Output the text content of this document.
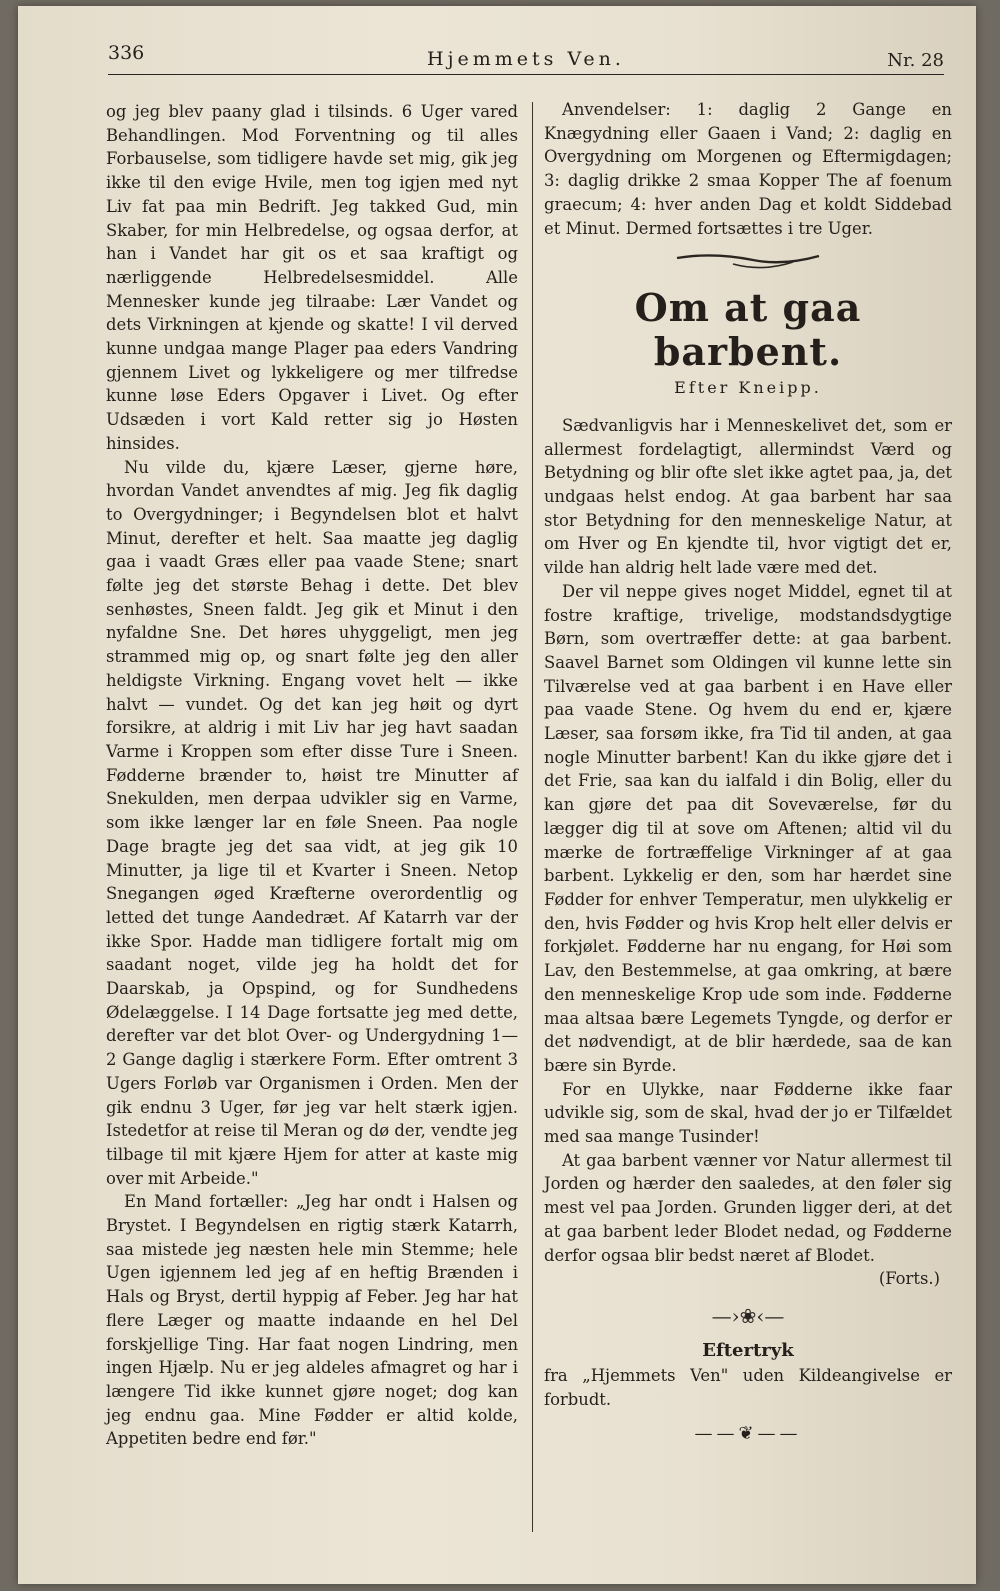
336	Hjemmets Ven.	Nr. 28

og jeg blev paany glad i tilsinds. 6 Uger vared Behandlingen. Mod Forventning og til alles Forbauselse, som tidligere havde set mig, gik jeg ikke til den evige Hvile, men tog igjen med nyt Liv fat paa min Bedrift. Jeg takked Gud, min Skaber, for min Helbredelse, og ogsaa derfor, at han i Vandet har git os et saa kraftigt og nærliggende Helbredelsesmiddel. Alle Mennesker kunde jeg tilraabe: Lær Vandet og dets Virkningen at kjende og skatte! I vil derved kunne undgaa mange Plager paa eders Vandring gjennem Livet og lykkeligere og mer tilfredse kunne løse Eders Opgaver i Livet. Og efter Udsæden i vort Kald retter sig jo Høsten hinsides.

Nu vilde du, kjære Læser, gjerne høre, hvordan Vandet anvendtes af mig. Jeg fik daglig to Overgydninger; i Begyndelsen blot et halvt Minut, derefter et helt. Saa maatte jeg daglig gaa i vaadt Græs eller paa vaade Stene; snart følte jeg det største Behag i dette. Det blev senhøstes, Sneen faldt. Jeg gik et Minut i den nyfaldne Sne. Det høres uhyggeligt, men jeg strammed mig op, og snart følte jeg den aller heldigste Virkning. Engang vovet helt — ikke halvt — vundet. Og det kan jeg høit og dyrt forsikre, at aldrig i mit Liv har jeg havt saadan Varme i Kroppen som efter disse Ture i Sneen. Fødderne brænder to, høist tre Minutter af Snekulden, men derpaa udvikler sig en Varme, som ikke længer lar en føle Sneen. Paa nogle Dage bragte jeg det saa vidt, at jeg gik 10 Minutter, ja lige til et Kvarter i Sneen. Netop Snegangen øged Kræfterne overordentlig og letted det tunge Aandedræt. Af Katarrh var der ikke Spor. Hadde man tidligere fortalt mig om saadant noget, vilde jeg ha holdt det for Daarskab, ja Opspind, og for Sundhedens Ødelæggelse. I 14 Dage fortsatte jeg med dette, derefter var det blot Over- og Undergydning 1—2 Gange daglig i stærkere Form. Efter omtrent 3 Ugers Forløb var Organismen i Orden. Men der gik endnu 3 Uger, før jeg var helt stærk igjen. Istedetfor at reise til Meran og dø der, vendte jeg tilbage til mit kjære Hjem for atter at kaste mig over mit Arbeide."

En Mand fortæller: „Jeg har ondt i Halsen og Brystet. I Begyndelsen en rigtig stærk Katarrh, saa mistede jeg næsten hele min Stemme; hele Ugen igjennem led jeg af en heftig Brænden i Hals og Bryst, dertil hyppig af Feber. Jeg har hat flere Læger og maatte indaande en hel Del forskjellige Ting. Har faat nogen Lindring, men ingen Hjælp. Nu er jeg aldeles afmagret og har i længere Tid ikke kunnet gjøre noget; dog kan jeg endnu gaa. Mine Fødder er altid kolde, Appetiten bedre end før."

Anvendelser: 1: daglig 2 Gange en Knægydning eller Gaaen i Vand; 2: daglig en Overgydning om Morgenen og Eftermigdagen; 3: daglig drikke 2 smaa Kopper The af foenum graecum; 4: hver anden Dag et koldt Siddebad et Minut. Dermed fortsættes i tre Uger.

Om at gaa barbent.
Efter Kneipp.

Sædvanligvis har i Menneskelivet det, som er allermest fordelagtigt, allermindst Værd og Betydning og blir ofte slet ikke agtet paa, ja, det undgaas helst endog. At gaa barbent har saa stor Betydning for den menneskelige Natur, at om Hver og En kjendte til, hvor vigtigt det er, vilde han aldrig helt lade være med det.

Der vil neppe gives noget Middel, egnet til at fostre kraftige, trivelige, modstandsdygtige Børn, som overtræffer dette: at gaa barbent. Saavel Barnet som Oldingen vil kunne lette sin Tilværelse ved at gaa barbent i en Have eller paa vaade Stene. Og hvem du end er, kjære Læser, saa forsøm ikke, fra Tid til anden, at gaa nogle Minutter barbent! Kan du ikke gjøre det i det Frie, saa kan du ialfald i din Bolig, eller du kan gjøre det paa dit Soveværelse, før du lægger dig til at sove om Aftenen; altid vil du mærke de fortræffelige Virkninger af at gaa barbent. Lykkelig er den, som har hærdet sine Fødder for enhver Temperatur, men ulykkelig er den, hvis Fødder og hvis Krop helt eller delvis er forkjølet. Fødderne har nu engang, for Høi som Lav, den Bestemmelse, at gaa omkring, at bære den menneskelige Krop ude som inde. Fødderne maa altsaa bære Legemets Tyngde, og derfor er det nødvendigt, at de blir hærdede, saa de kan bære sin Byrde.

For en Ulykke, naar Fødderne ikke faar udvikle sig, som de skal, hvad der jo er Tilfældet med saa mange Tusinder!

At gaa barbent vænner vor Natur allermest til Jorden og hærder den saaledes, at den føler sig mest vel paa Jorden. Grunden ligger deri, at det at gaa barbent leder Blodet nedad, og Fødderne derfor ogsaa blir bedst næret af Blodet.

(Forts.)
—›❀‹—
Eftertryk

fra „Hjemmets Ven" uden Kildeangivelse er forbudt.

——❦——
